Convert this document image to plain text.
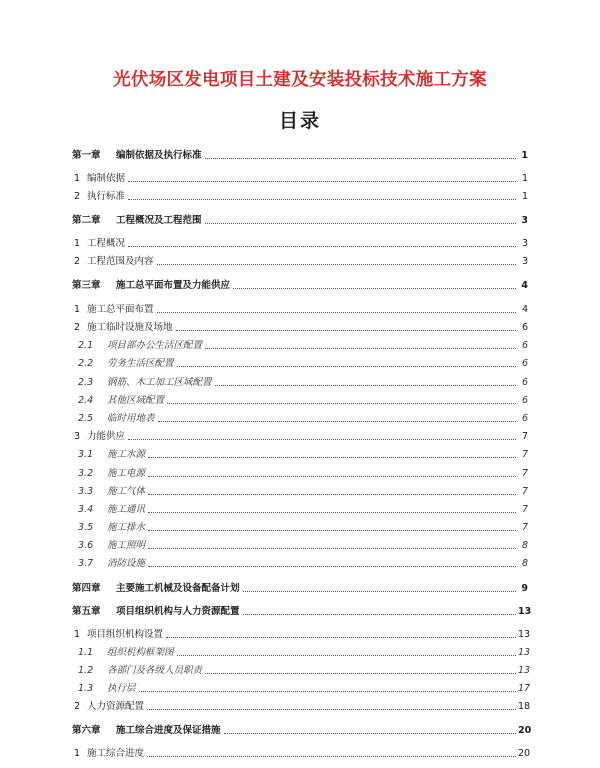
光伏场区发电项目土建及安装投标技术施工方案
目录
第一章	编制依据及执行标准	1
1 编制依据	1
2 执行标准	1
第二章	工程概况及工程范围	3
1 工程概况	3
2 工程范围及内容	3
第三章	施工总平面布置及力能供应	4
1 施工总平面布置	4
2 施工临时设施及场地	6
2.1 项目部办公生活区配置	6
2.2 劳务生活区配置	6
2.3 钢筋、木工加工区域配置	6
2.4 其他区域配置	6
2.5 临时用地表	6
3 力能供应	7
3.1 施工水源	7
3.2 施工电源	7
3.3 施工气体	7
3.4 施工通讯	7
3.5 施工排水	7
3.6 施工照明	8
3.7 消防设施	8
第四章	主要施工机械及设备配备计划	9
第五章	项目组织机构与人力资源配置	13
1 项目组织机构设置	13
1.1 组织机构框架图	13
1.2 各部门及各级人员职责	13
1.3 执行层	17
2 人力资源配置	18
第六章	施工综合进度及保证措施	20
1 施工综合进度	20
